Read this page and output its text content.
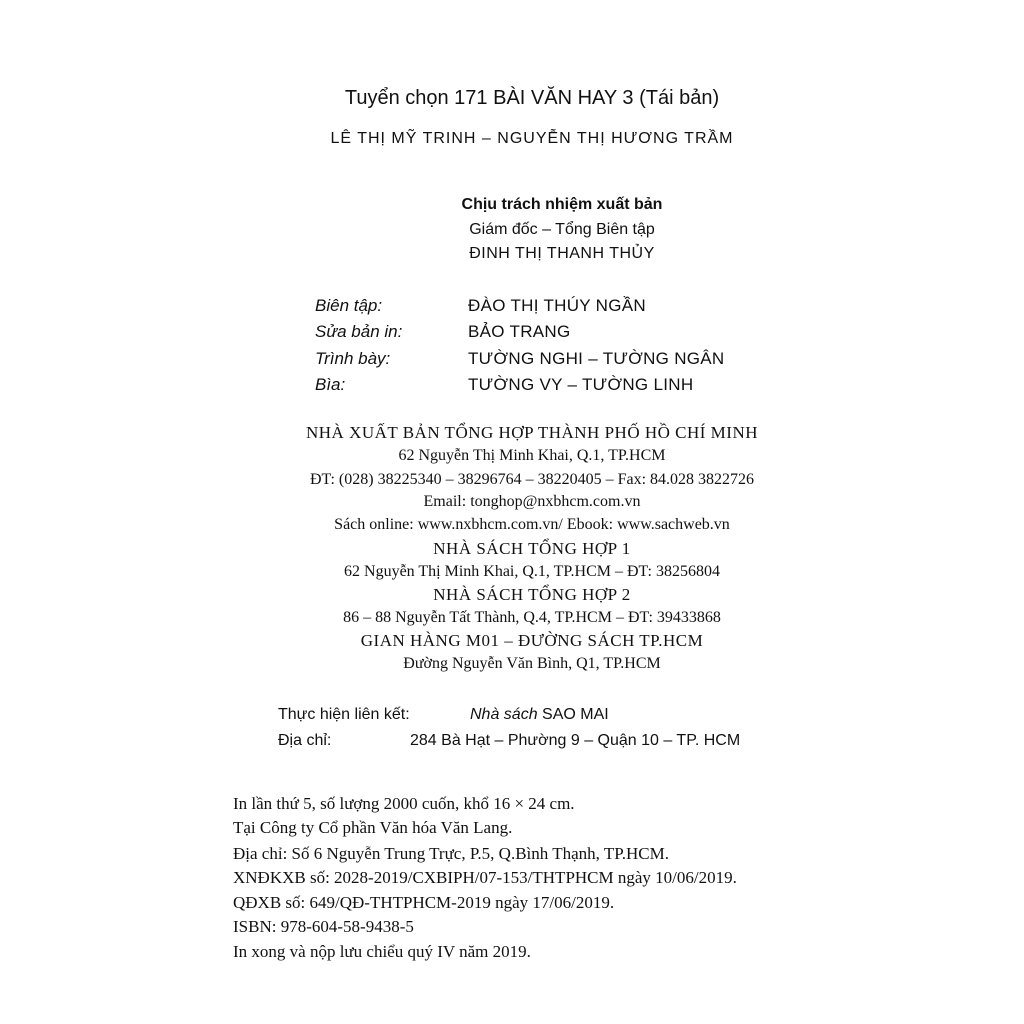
Tuyển chọn 171 BÀI VĂN HAY 3 (Tái bản)
LÊ THỊ MỸ TRINH – NGUYỄN THỊ HƯƠNG TRẦM
Chịu trách nhiệm xuất bản
Giám đốc – Tổng Biên tập
ĐINH THỊ THANH THỦY
Biên tập:	ĐÀO THỊ THÚY NGẦN
Sửa bản in:	BẢO TRANG
Trình bày:	TƯỜNG NGHI – TƯỜNG NGÂN
Bìa:	TƯỜNG VY – TƯỜNG LINH
NHÀ XUẤT BẢN TỔNG HỢP THÀNH PHỐ HỒ CHÍ MINH
62 Nguyễn Thị Minh Khai, Q.1, TP.HCM
ĐT: (028) 38225340 – 38296764 – 38220405 – Fax: 84.028 3822726
Email: tonghop@nxbhcm.com.vn
Sách online: www.nxbhcm.com.vn/ Ebook: www.sachweb.vn
NHÀ SÁCH TỔNG HỢP 1
62 Nguyễn Thị Minh Khai, Q.1, TP.HCM – ĐT: 38256804
NHÀ SÁCH TỔNG HỢP 2
86 – 88 Nguyễn Tất Thành, Q.4, TP.HCM – ĐT: 39433868
GIAN HÀNG M01 – ĐƯỜNG SÁCH TP.HCM
Đường Nguyễn Văn Bình, Q1, TP.HCM
Thực hiện liên kết:	Nhà sách SAO MAI
Địa chỉ:	284 Bà Hạt – Phường 9 – Quận 10 – TP. HCM
In lần thứ 5, số lượng 2000 cuốn, khổ 16 × 24 cm.
Tại Công ty Cổ phần Văn hóa Văn Lang.
Địa chỉ: Số 6 Nguyễn Trung Trực, P.5, Q.Bình Thạnh, TP.HCM.
XNĐKXB số: 2028-2019/CXBIPH/07-153/THTPHCM ngày 10/06/2019.
QĐXB số: 649/QĐ-THTPHCM-2019 ngày 17/06/2019.
ISBN: 978-604-58-9438-5
In xong và nộp lưu chiểu quý IV năm 2019.
